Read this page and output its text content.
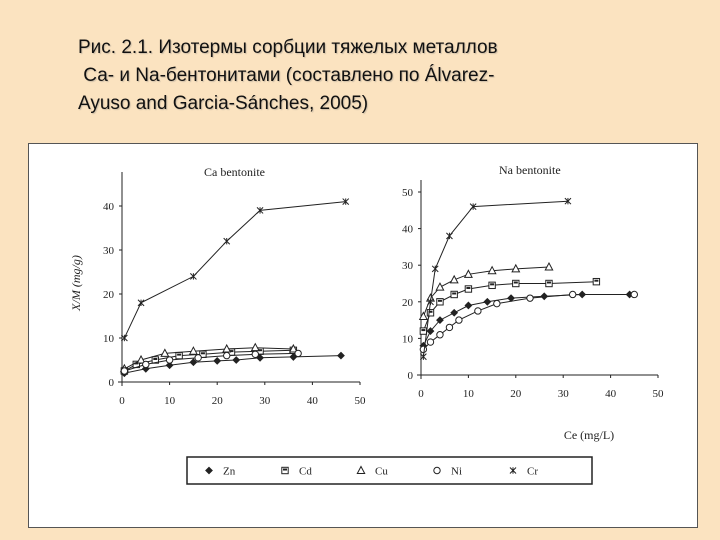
Рис. 2.1. Изотермы сорбции тяжелых металлов
Са- и Na-бентонитами (составлено по Álvarez-
Ayuso and Garcia-Sánches, 2005)
Ca bentonite
0
10
20
30
40
0	10	20	30	40	50
X/M (mg/g)
Na bentonite
0
10
20
30
40
50
0	10	20	30	40	50
Ce (mg/L)
Zn	Cd	Cu	Ni	Cr
